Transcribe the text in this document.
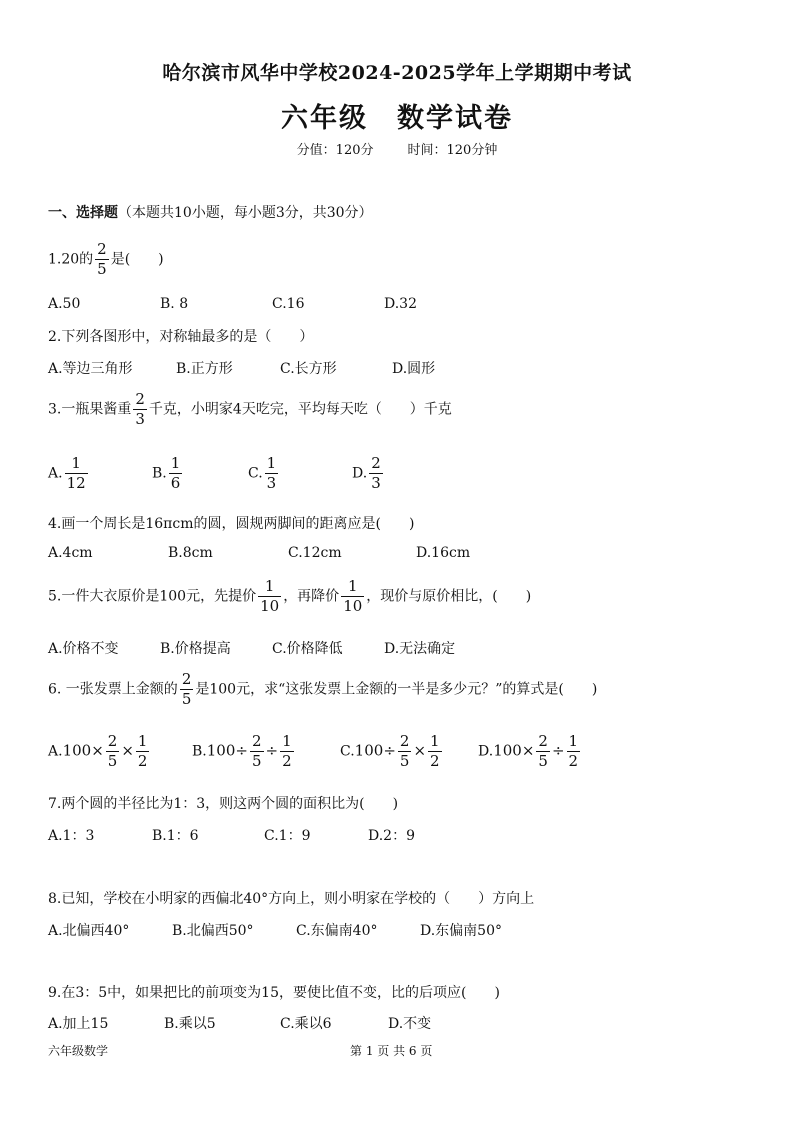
哈尔滨市风华中学校2024-2025学年上学期期中考试
六年级　数学试卷
分值：120分	时间：120分钟
一、选择题（本题共10小题，每小题3分，共30分）
1.20的 $\frac{2}{5}$ 是(　　)
A.50	B. 8	C.16	D.32
2.下列各图形中，对称轴最多的是（　　）
A.等边三角形	B.正方形	C.长方形	D.圆形
3.一瓶果酱重 $\frac{2}{3}$ 千克，小明家4天吃完，平均每天吃（　　）千克
A. $\frac{1}{12}$	B. $\frac{1}{6}$	C. $\frac{1}{3}$	D. $\frac{2}{3}$
4.画一个周长是16πcm的圆，圆规两脚间的距离应是(　　)
A.4cm	B.8cm	C.12cm	D.16cm
5.一件大衣原价是100元，先提价 $\frac{1}{10}$ ，再降价 $\frac{1}{10}$ ，现价与原价相比，(　　)
A.价格不变	B.价格提高	C.价格降低	D.无法确定
6. 一张发票上金额的 $\frac{2}{5}$ 是100元，求“这张发票上金额的一半是多少元？”的算式是(　　)
$A.100\times \frac{2}{5} \times \frac{1}{2}$	$B.100\div \frac{2}{5} \div \frac{1}{2}$	$C.100\div \frac{2}{5} \times \frac{1}{2}$	$D.100\times \frac{2}{5} \div \frac{1}{2}$
7.两个圆的半径比为1：3，则这两个圆的面积比为(　　)
A.1：3	B.1：6	C.1：9	D.2：9
8.已知，学校在小明家的西偏北40°方向上，则小明家在学校的（　　）方向上
A.北偏西40°	B.北偏西50°	C.东偏南40°	D.东偏南50°
9.在3：5中，如果把比的前项变为15，要使比值不变，比的后项应(　　)
A.加上15	B.乘以5	C.乘以6	D.不变
六年级数学	第 1 页 共 6 页
